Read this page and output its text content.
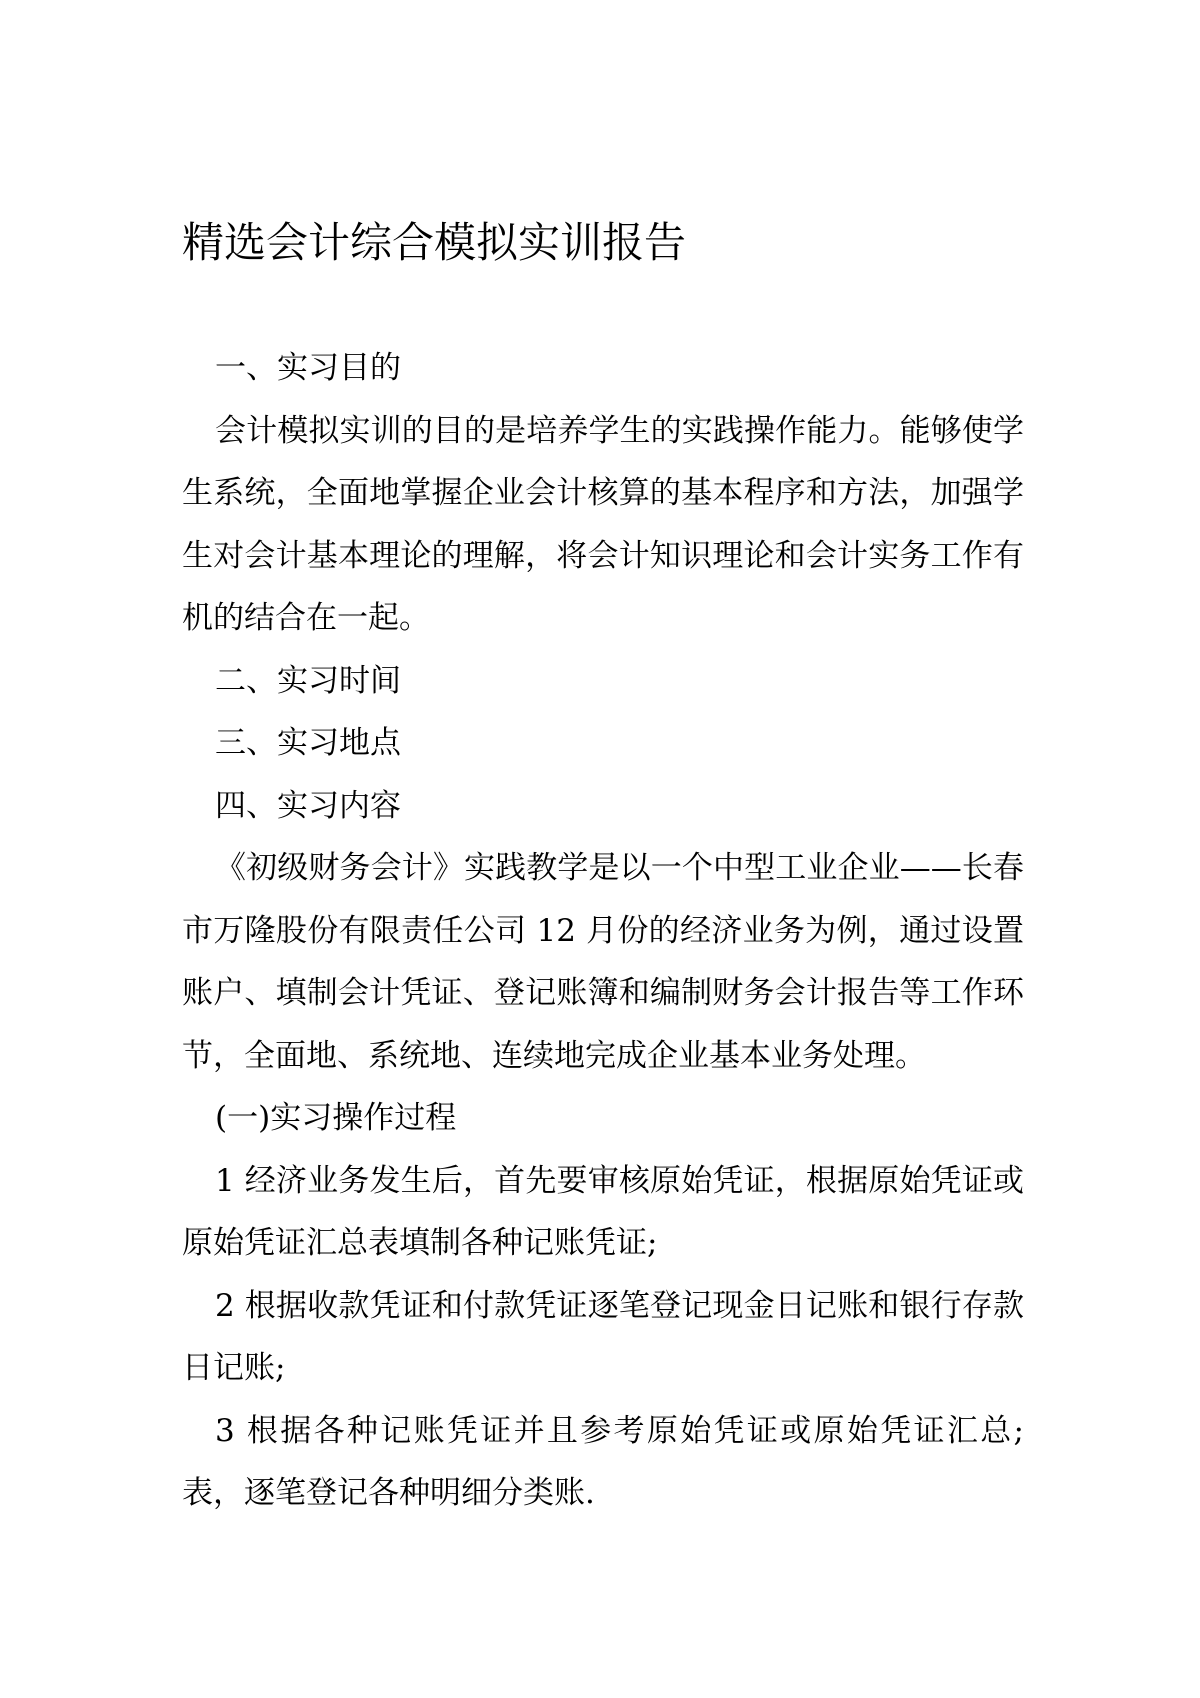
精选会计综合模拟实训报告

一、实习目的

会计模拟实训的目的是培养学生的实践操作能力。能够使学生系统，全面地掌握企业会计核算的基本程序和方法，加强学生对会计基本理论的理解，将会计知识理论和会计实务工作有机的结合在一起。

二、实习时间

三、实习地点

四、实习内容

《初级财务会计》实践教学是以一个中型工业企业——长春市万隆股份有限责任公司 12 月份的经济业务为例，通过设置账户、填制会计凭证、登记账簿和编制财务会计报告等工作环节，全面地、系统地、连续地完成企业基本业务处理。

(一)实习操作过程

1 经济业务发生后，首先要审核原始凭证，根据原始凭证或原始凭证汇总表填制各种记账凭证;

2 根据收款凭证和付款凭证逐笔登记现金日记账和银行存款日记账;

3 根据各种记账凭证并且参考原始凭证或原始凭证汇总;表，逐笔登记各种明细分类账.
